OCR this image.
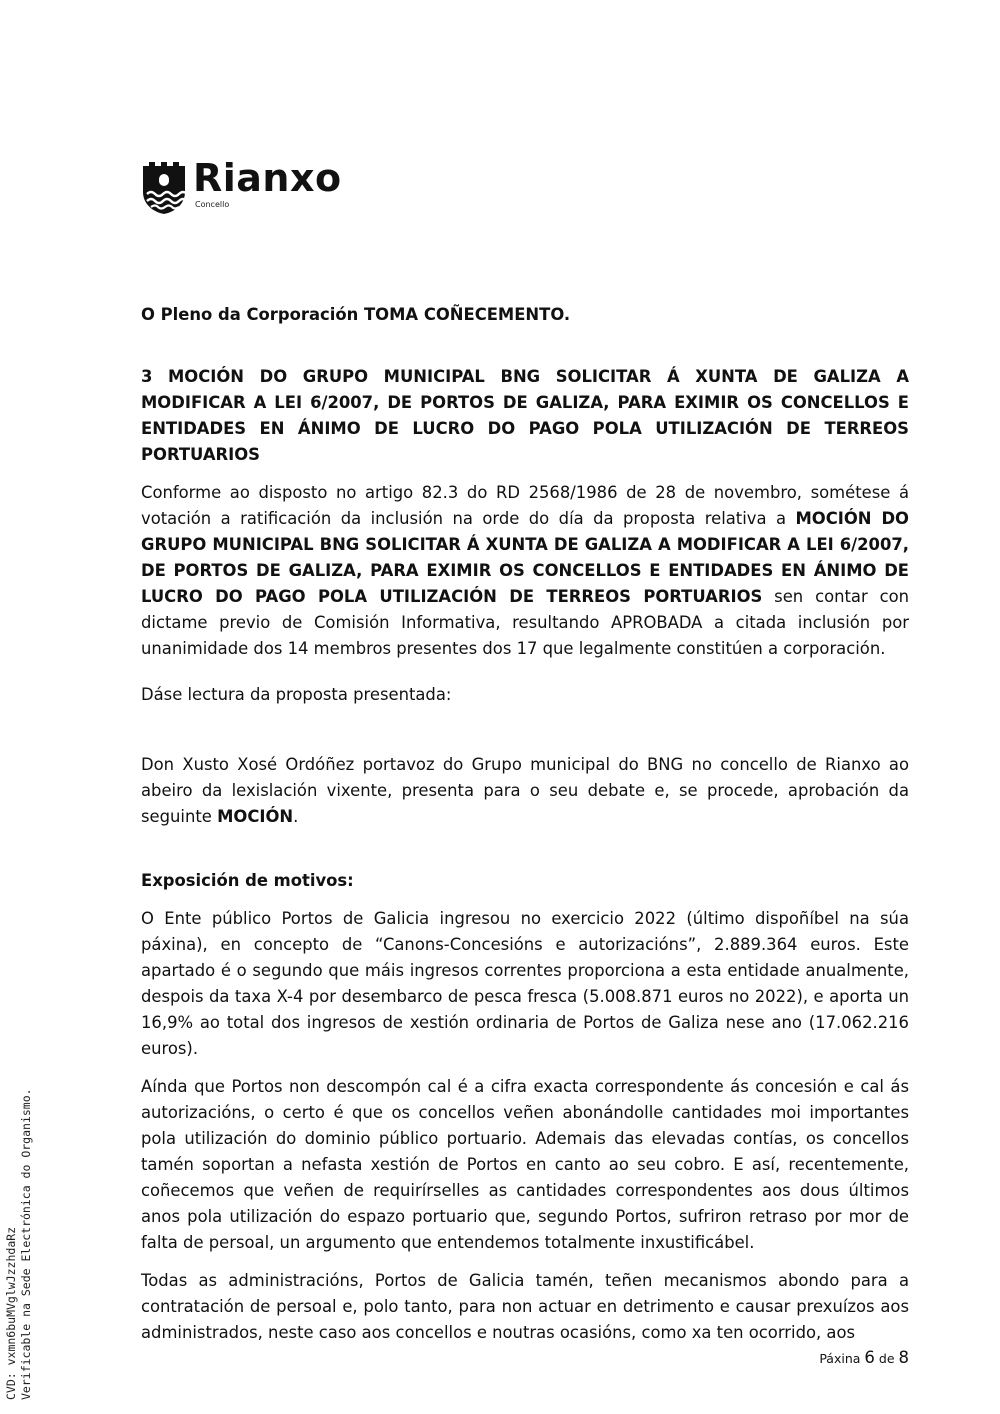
Rianxo
Concello

O Pleno da Corporación TOMA COÑECEMENTO.

3 MOCIÓN DO GRUPO MUNICIPAL BNG SOLICITAR Á XUNTA DE GALIZA A MODIFICAR A LEI 6/2007, DE PORTOS DE GALIZA, PARA EXIMIR OS CONCELLOS E ENTIDADES EN ÁNIMO DE LUCRO DO PAGO POLA UTILIZACIÓN DE TERREOS PORTUARIOS

Conforme ao disposto no artigo 82.3 do RD 2568/1986 de 28 de novembro, sométese á votación a ratificación da inclusión na orde do día da proposta relativa a MOCIÓN DO GRUPO MUNICIPAL BNG SOLICITAR Á XUNTA DE GALIZA A MODIFICAR A LEI 6/2007, DE PORTOS DE GALIZA, PARA EXIMIR OS CONCELLOS E ENTIDADES EN ÁNIMO DE LUCRO DO PAGO POLA UTILIZACIÓN DE TERREOS PORTUARIOS sen contar con dictame previo de Comisión Informativa, resultando APROBADA a citada inclusión por unanimidade dos 14 membros presentes dos 17 que legalmente constitúen a corporación.

Dáse lectura da proposta presentada:

Don Xusto Xosé Ordóñez portavoz do Grupo municipal do BNG no concello de Rianxo ao abeiro da lexislación vixente, presenta para o seu debate e, se procede, aprobación da seguinte MOCIÓN.

Exposición de motivos:

O Ente público Portos de Galicia ingresou no exercicio 2022 (último dispoñíbel na súa páxina), en concepto de “Canons-Concesións e autorizacións”, 2.889.364 euros. Este apartado é o segundo que máis ingresos correntes proporciona a esta entidade anualmente, despois da taxa X-4 por desembarco de pesca fresca (5.008.871 euros no 2022), e aporta un 16,9% ao total dos ingresos de xestión ordinaria de Portos de Galiza nese ano (17.062.216 euros).

Aínda que Portos non descompón cal é a cifra exacta correspondente ás concesión e cal ás autorizacións, o certo é que os concellos veñen abonándolle cantidades moi importantes pola utilización do dominio público portuario. Ademais das elevadas contías, os concellos tamén soportan a nefasta xestión de Portos en canto ao seu cobro. E así, recentemente, coñecemos que veñen de requirírselles as cantidades correspondentes aos dous últimos anos pola utilización do espazo portuario que, segundo Portos, sufriron retraso por mor de falta de persoal, un argumento que entendemos totalmente inxustificábel.

Todas as administracións, Portos de Galicia tamén, teñen mecanismos abondo para a contratación de persoal e, polo tanto, para non actuar en detrimento e causar prexuízos aos administrados, neste caso aos concellos e noutras ocasións, como xa ten ocorrido, aos

CVD: vxmn6buMVglwJzzhdaRz Verificable na Sede Electrónica do Organismo.	Páxina 6 de 8
